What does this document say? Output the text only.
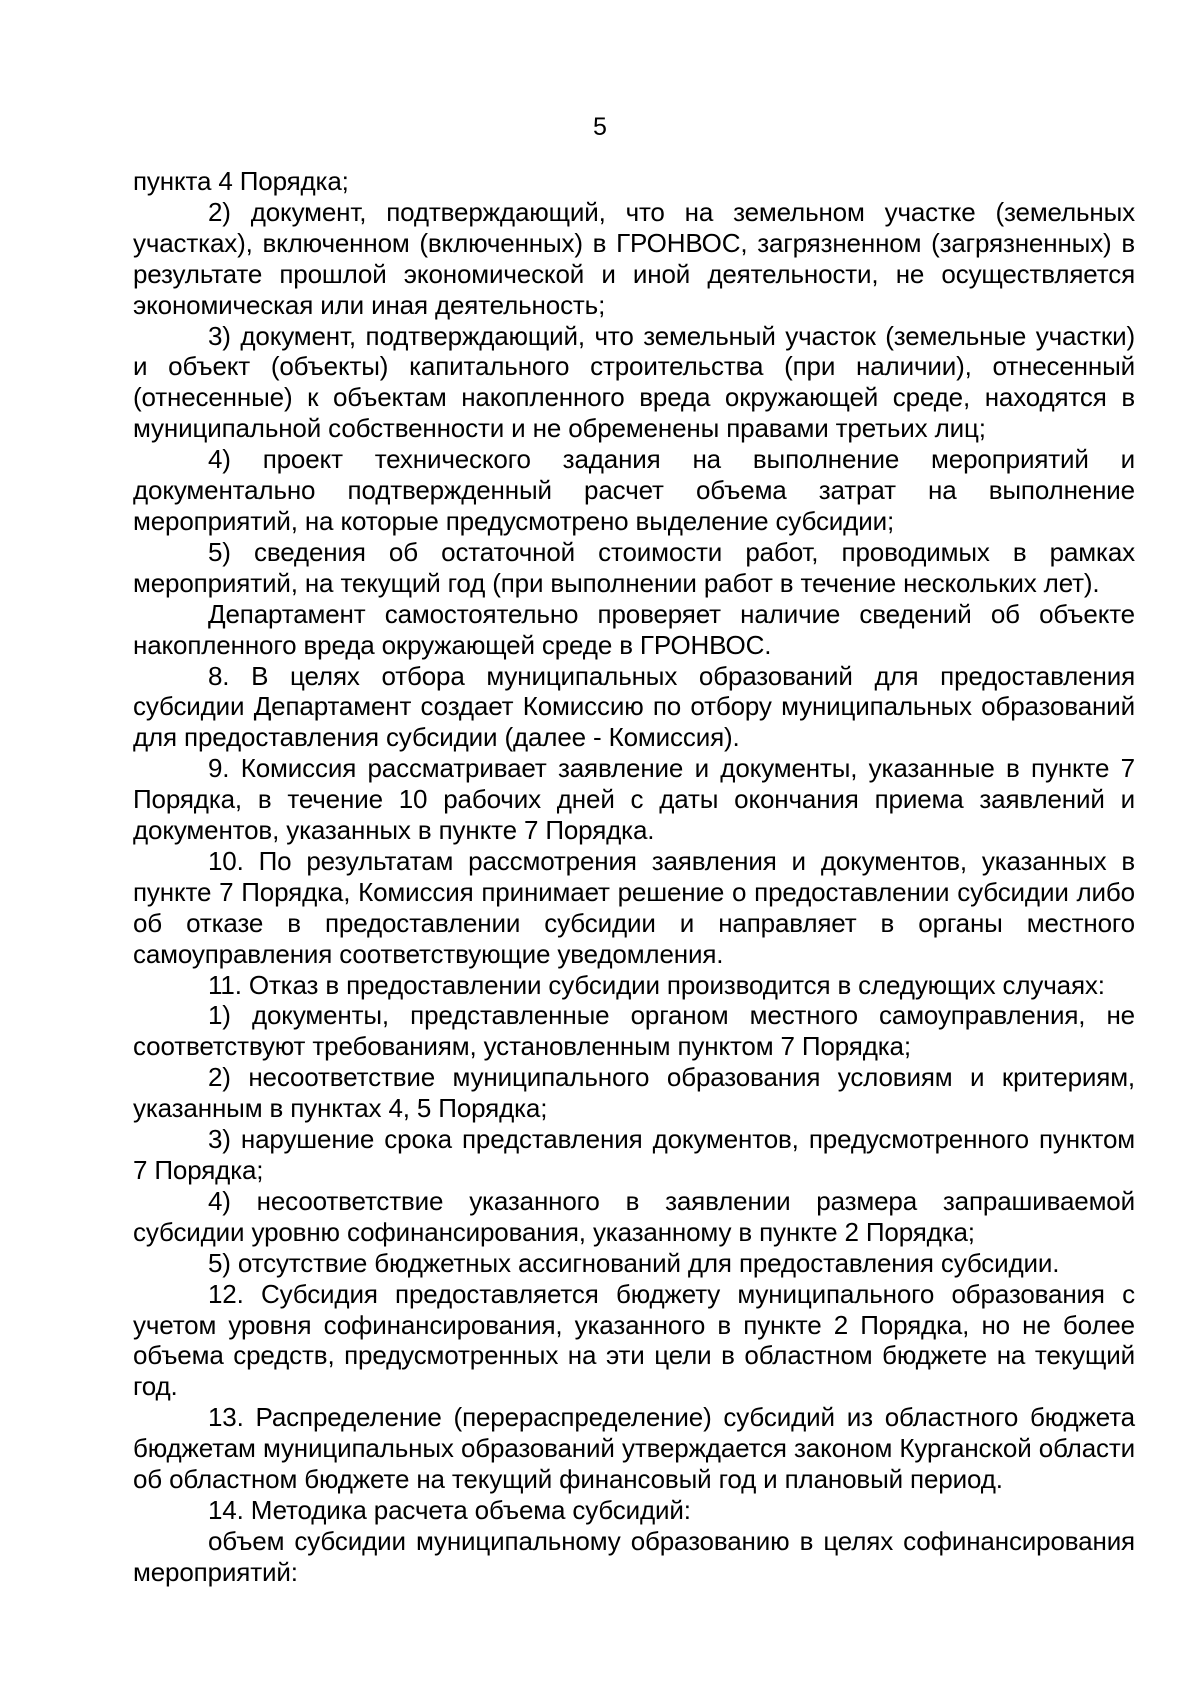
5

пункта 4 Порядка;

2) документ, подтверждающий, что на земельном участке (земельных участках), включенном (включенных) в ГРОНВОС, загрязненном (загрязненных) в результате прошлой экономической и иной деятельности, не осуществляется экономическая или иная деятельность;

3) документ, подтверждающий, что земельный участок (земельные участки) и объект (объекты) капитального строительства (при наличии), отнесенный (отнесенные) к объектам накопленного вреда окружающей среде, находятся в муниципальной собственности и не обременены правами третьих лиц;

4) проект технического задания на выполнение мероприятий и документально подтвержденный расчет объема затрат на выполнение мероприятий, на которые предусмотрено выделение субсидии;

5) сведения об остаточной стоимости работ, проводимых в рамках мероприятий, на текущий год (при выполнении работ в течение нескольких лет).

Департамент самостоятельно проверяет наличие сведений об объекте накопленного вреда окружающей среде в ГРОНВОС.

8. В целях отбора муниципальных образований для предоставления субсидии Департамент создает Комиссию по отбору муниципальных образований для предоставления субсидии (далее - Комиссия).

9. Комиссия рассматривает заявление и документы, указанные в пункте 7 Порядка, в течение 10 рабочих дней с даты окончания приема заявлений и документов, указанных в пункте 7 Порядка.

10. По результатам рассмотрения заявления и документов, указанных в пункте 7 Порядка, Комиссия принимает решение о предоставлении субсидии либо об отказе в предоставлении субсидии и направляет в органы местного самоуправления соответствующие уведомления.

11. Отказ в предоставлении субсидии производится в следующих случаях:

1) документы, представленные органом местного самоуправления, не соответствуют требованиям, установленным пунктом 7 Порядка;

2) несоответствие муниципального образования условиям и критериям, указанным в пунктах 4, 5 Порядка;

3) нарушение срока представления документов, предусмотренного пунктом 7 Порядка;

4) несоответствие указанного в заявлении размера запрашиваемой субсидии уровню софинансирования, указанному в пункте 2 Порядка;

5) отсутствие бюджетных ассигнований для предоставления субсидии.

12. Субсидия предоставляется бюджету муниципального образования с учетом уровня софинансирования, указанного в пункте 2 Порядка, но не более объема средств, предусмотренных на эти цели в областном бюджете на текущий год.

13. Распределение (перераспределение) субсидий из областного бюджета бюджетам муниципальных образований утверждается законом Курганской области об областном бюджете на текущий финансовый год и плановый период.

14. Методика расчета объема субсидий:

объем субсидии муниципальному образованию в целях софинансирования мероприятий:
